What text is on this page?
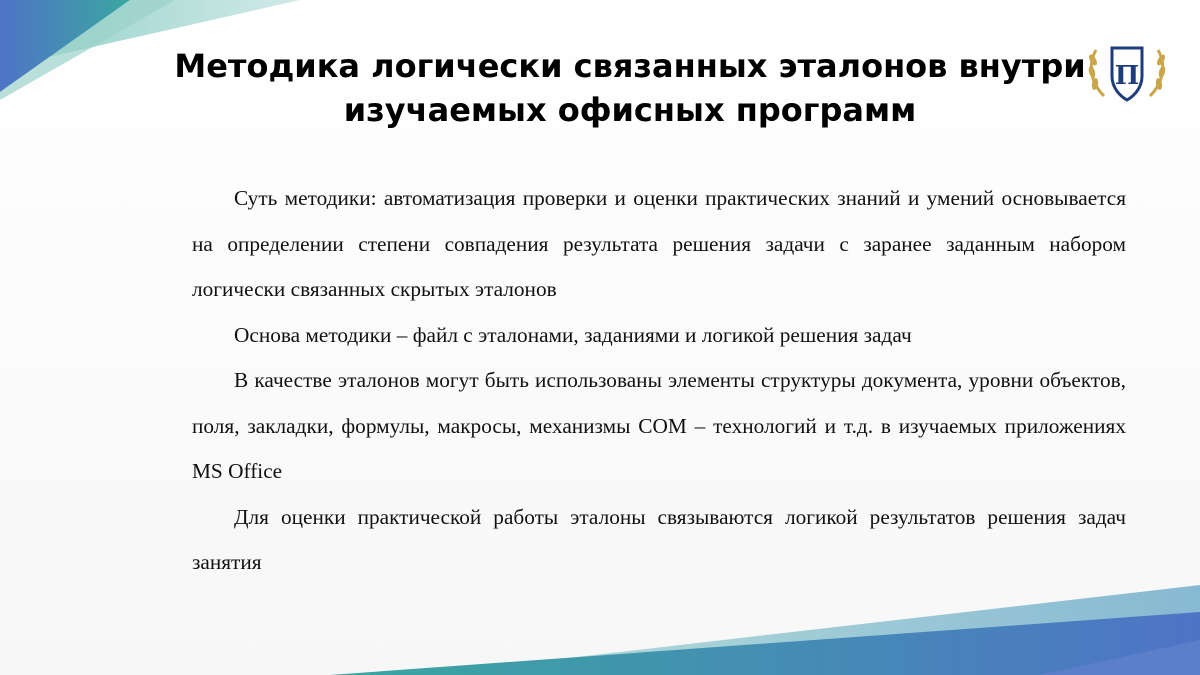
Методика логически связанных эталонов внутри изучаемых офисных программ
П

Суть методики: автоматизация проверки и оценки практических знаний и умений основывается на определении степени совпадения результата решения задачи с заранее заданным набором логически связанных скрытых эталонов

Основа методики – файл с эталонами, заданиями и логикой решения задач

В качестве эталонов могут быть использованы элементы структуры документа, уровни объектов, поля, закладки, формулы, макросы, механизмы COM – технологий и т.д. в изучаемых приложениях MS Office

Для оценки практической работы эталоны связываются логикой результатов решения задач занятия
